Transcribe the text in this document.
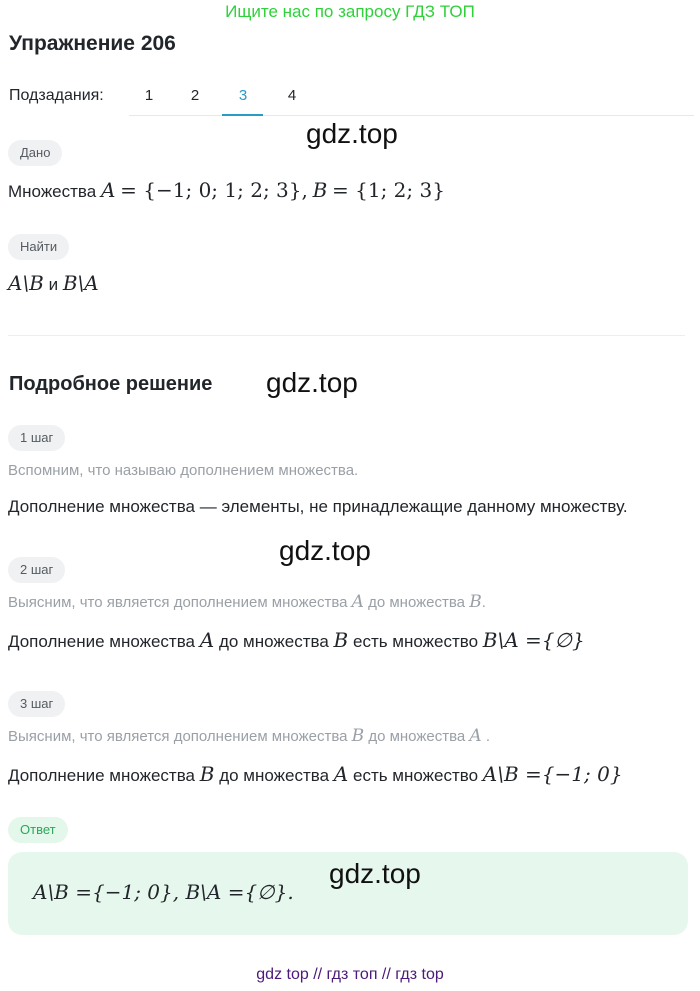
Ищите нас по запросу ГДЗ ТОП
Упражнение 206
Подзадания:	1	2	3	4
gdz.top
Дано
Множества A = {−1; 0; 1; 2; 3}, B = {1; 2; 3}
Найти
A\B и B\A
Подробное решение gdz.top
1 шаг
Вспомним, что называю дополнением множества.
Дополнение множества — элементы, не принадлежащие данному множеству.
gdz.top
2 шаг
Выясним, что является дополнением множества A до множества B.
Дополнение множества A до множества B есть множество B\A ={∅}
3 шаг
Выясним, что является дополнением множества B до множества A .
Дополнение множества B до множества A есть множество A\B ={−1; 0}
Ответ
A\B ={−1; 0}, B\A ={∅}.
gdz.top
gdz top // гдз топ // гдз top
